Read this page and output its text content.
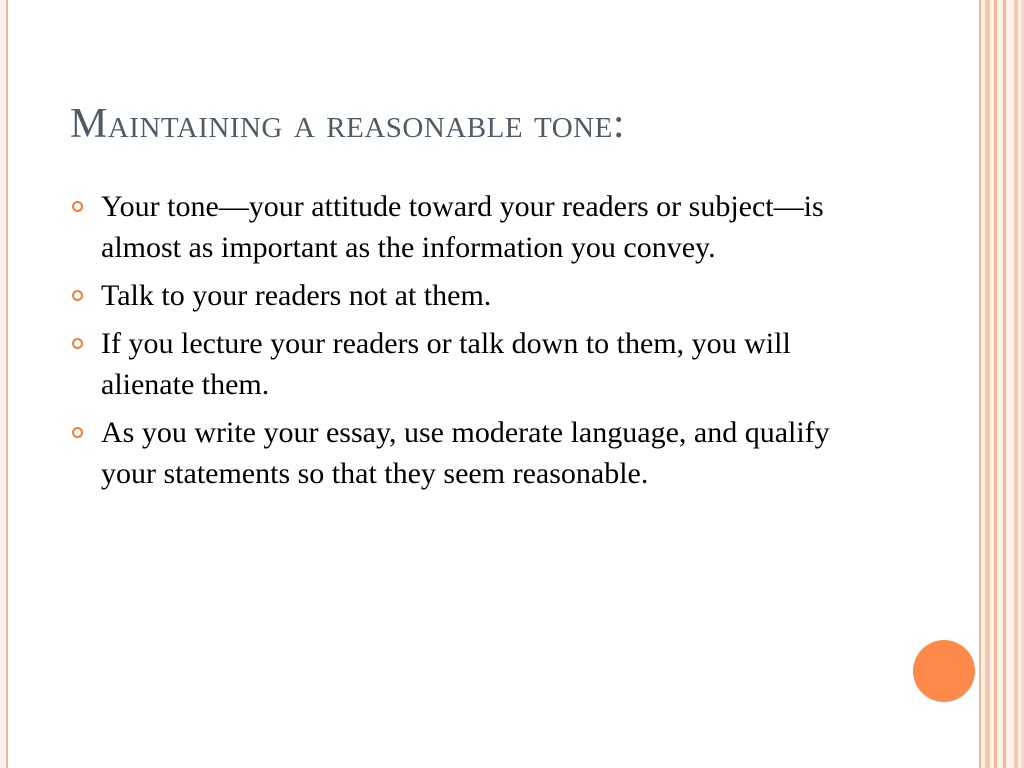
Maintaining a reasonable tone:
Your tone—your attitude toward your readers or subject—is almost as important as the information you convey.
Talk to your readers not at them.
If you lecture your readers or talk down to them, you will alienate them.
As you write your essay, use moderate language, and qualify your statements so that they seem reasonable.
